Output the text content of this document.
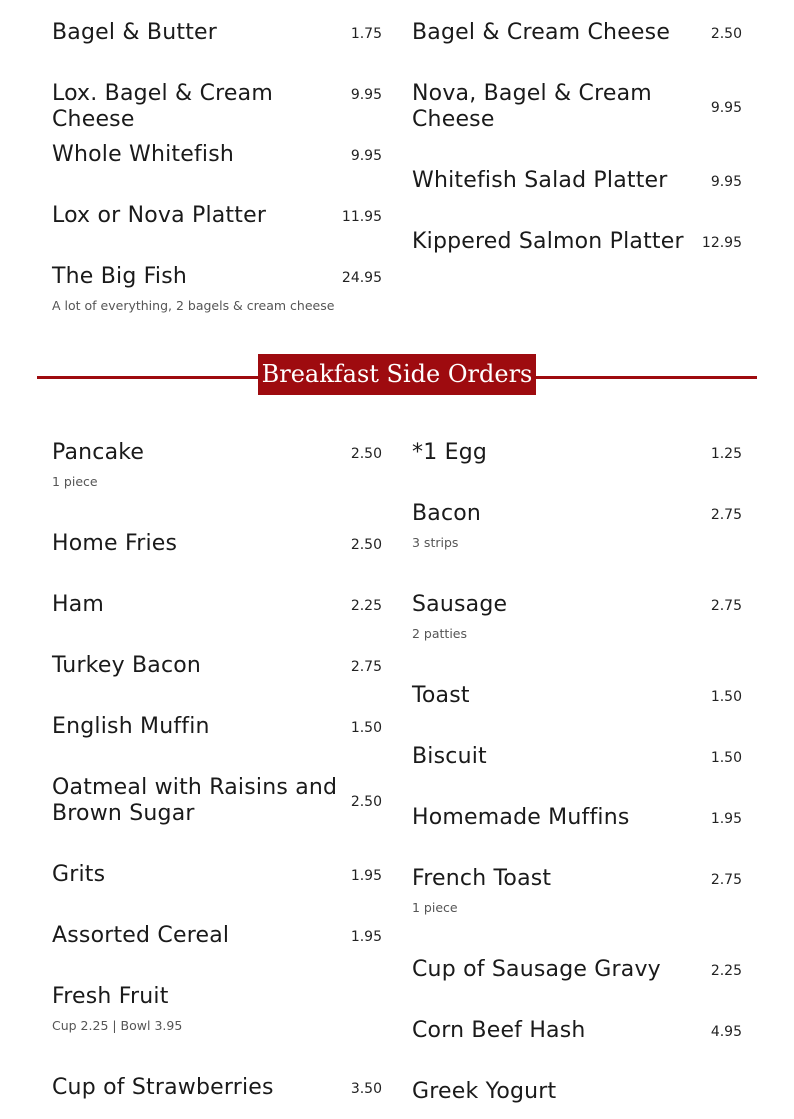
1.75
Bagel & Butter
9.95
Lox. Bagel & Cream Cheese
9.95
Whole Whitefish
11.95
Lox or Nova Platter
24.95
The Big Fish
A lot of everything, 2 bagels & cream cheese
2.50
Bagel & Cream Cheese
9.95
Nova, Bagel & Cream Cheese
9.95
Whitefish Salad Platter
12.95
Kippered Salmon Platter
Breakfast Side Orders
2.50
Pancake
1 piece
2.50
Home Fries
2.25
Ham
2.75
Turkey Bacon
1.50
English Muffin
2.50
Oatmeal with Raisins and Brown Sugar
1.95
Grits
1.95
Assorted Cereal
Fresh Fruit
Cup 2.25 | Bowl 3.95
3.50
Cup of Strawberries
1.25
*1 Egg
2.75
Bacon
3 strips
2.75
Sausage
2 patties
1.50
Toast
1.50
Biscuit
1.95
Homemade Muffins
2.75
French Toast
1 piece
2.25
Cup of Sausage Gravy
4.95
Corn Beef Hash
Greek Yogurt
